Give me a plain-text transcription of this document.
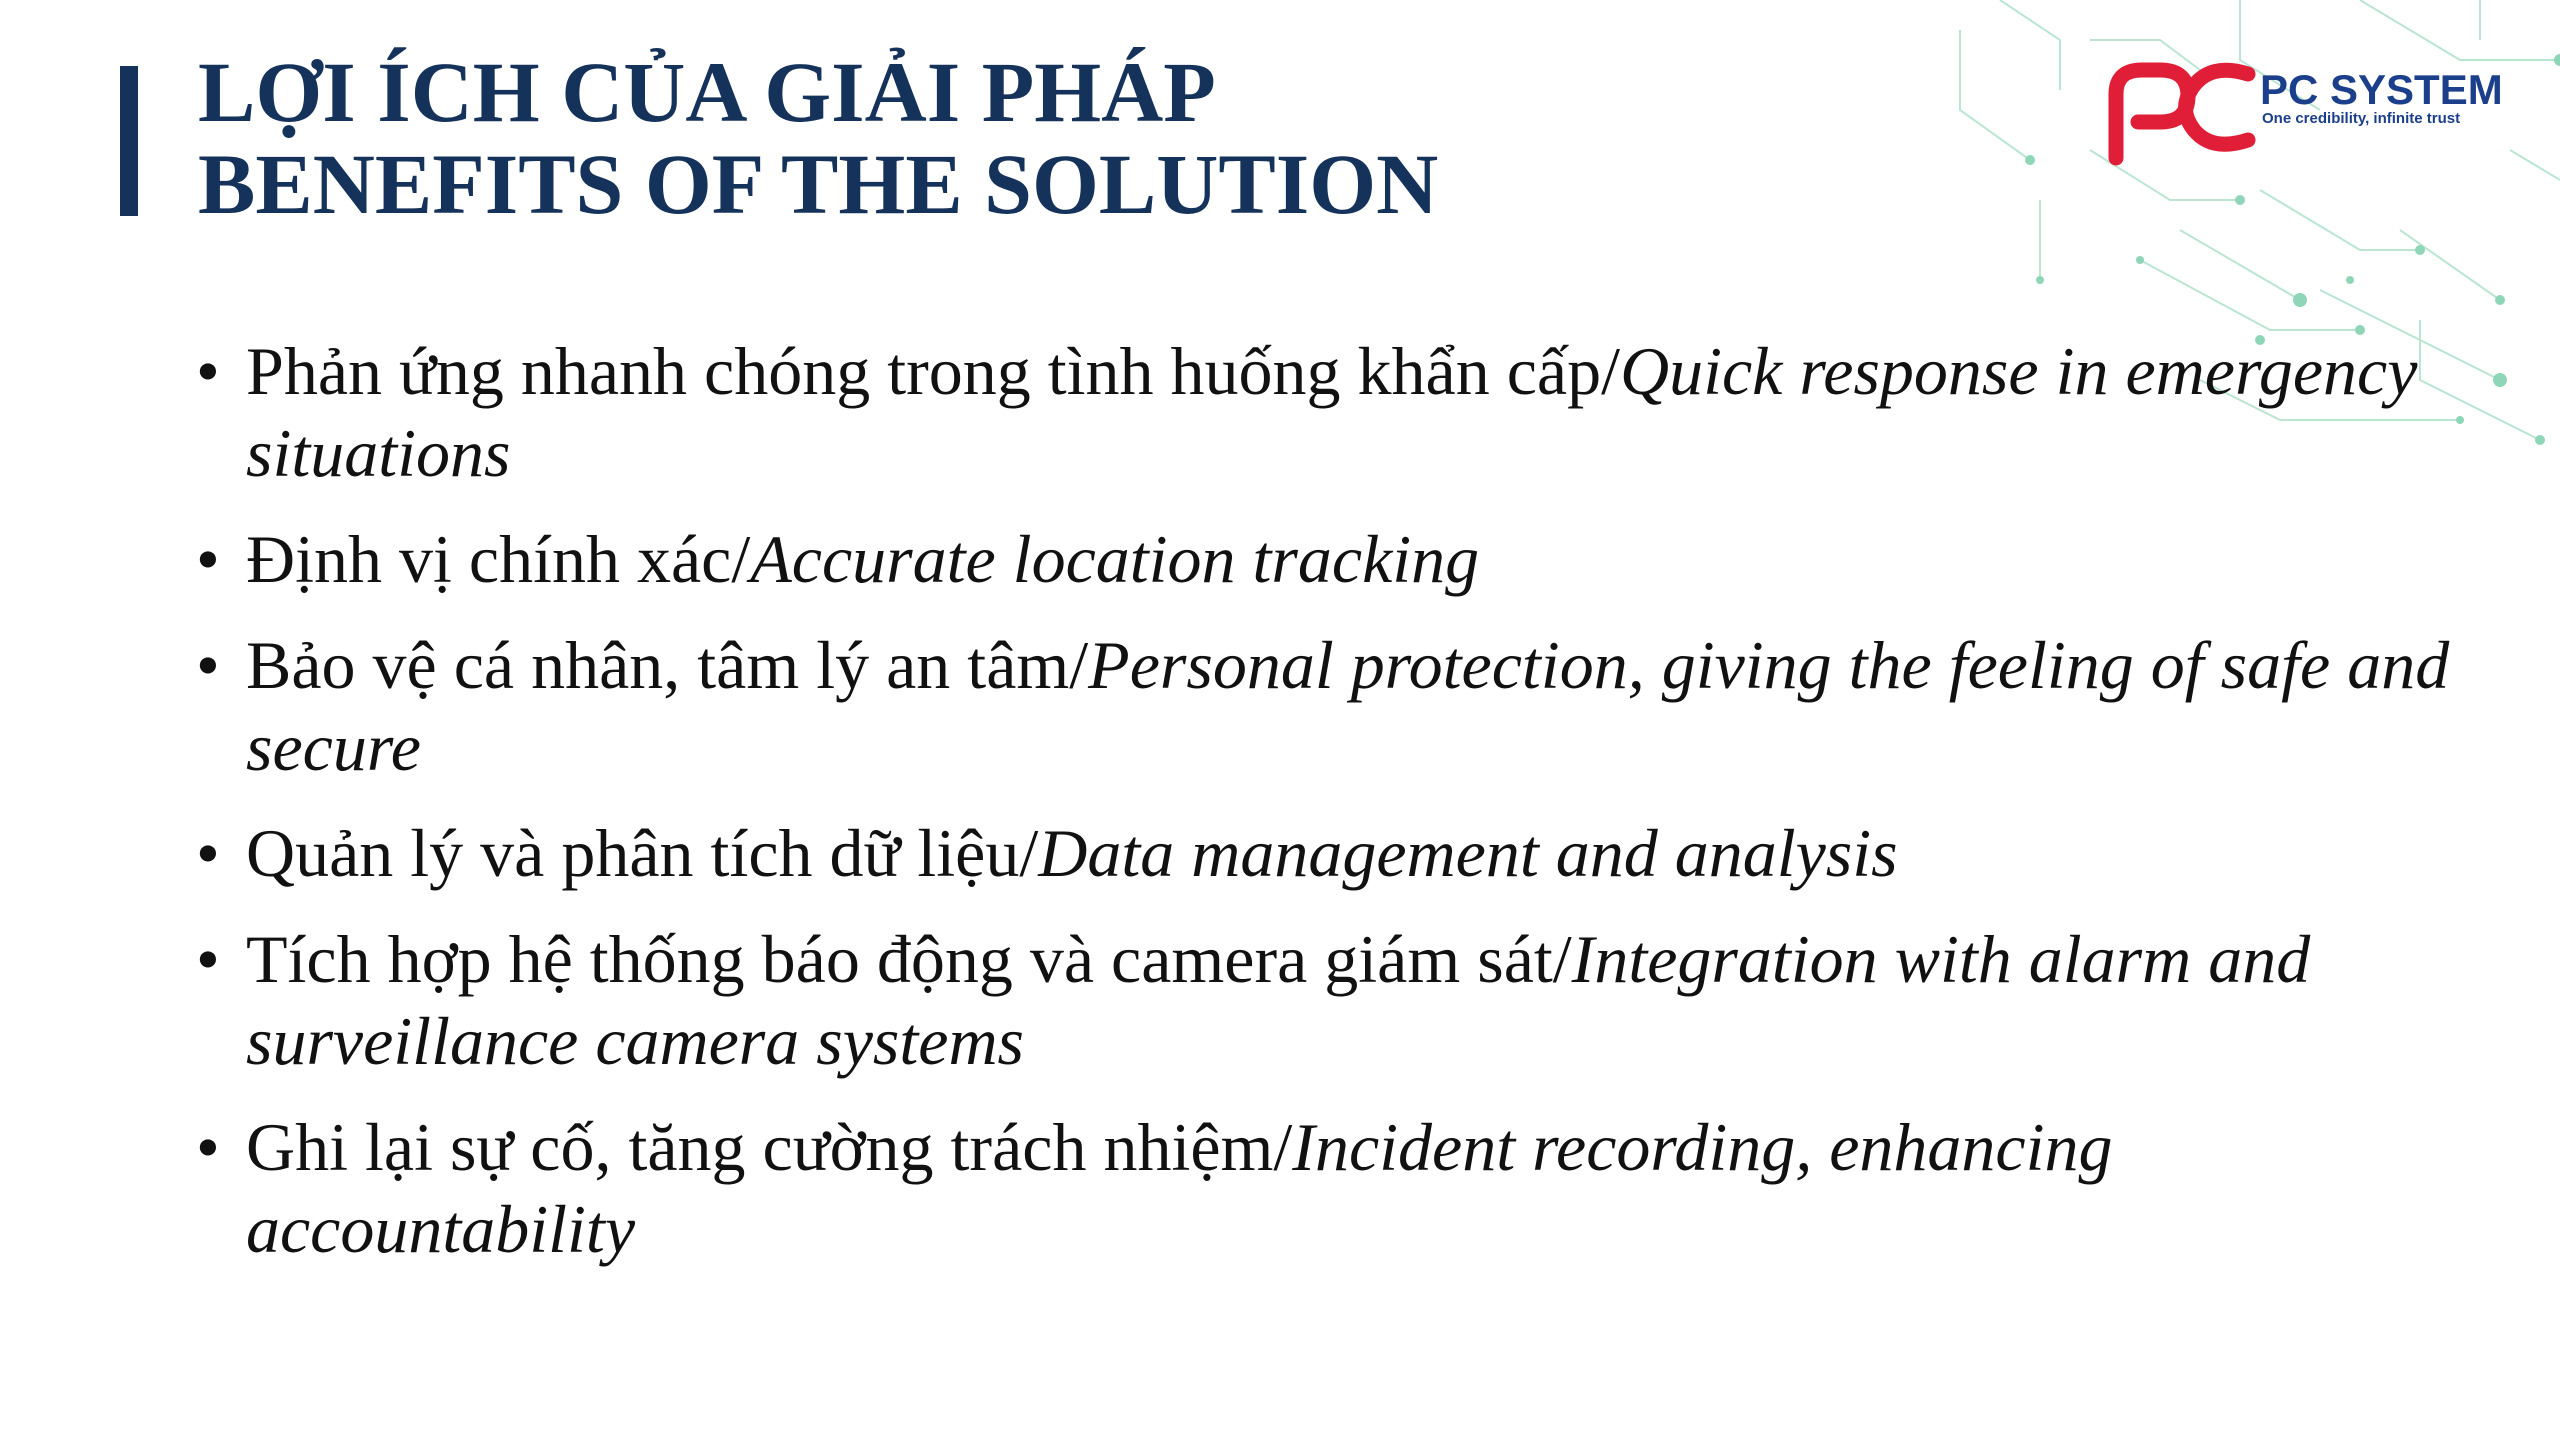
PC SYSTEM
One credibility, infinite trust
LỢI ÍCH CỦA GIẢI PHÁP
BENEFITS OF THE SOLUTION
• Phản ứng nhanh chóng trong tình huống khẩn cấp/Quick response in emergency situations
• Định vị chính xác/Accurate location tracking
• Bảo vệ cá nhân, tâm lý an tâm/Personal protection, giving the feeling of safe and secure
• Quản lý và phân tích dữ liệu/Data management and analysis
• Tích hợp hệ thống báo động và camera giám sát/Integration with alarm and surveillance camera systems
• Ghi lại sự cố, tăng cường trách nhiệm/Incident recording, enhancing accountability
